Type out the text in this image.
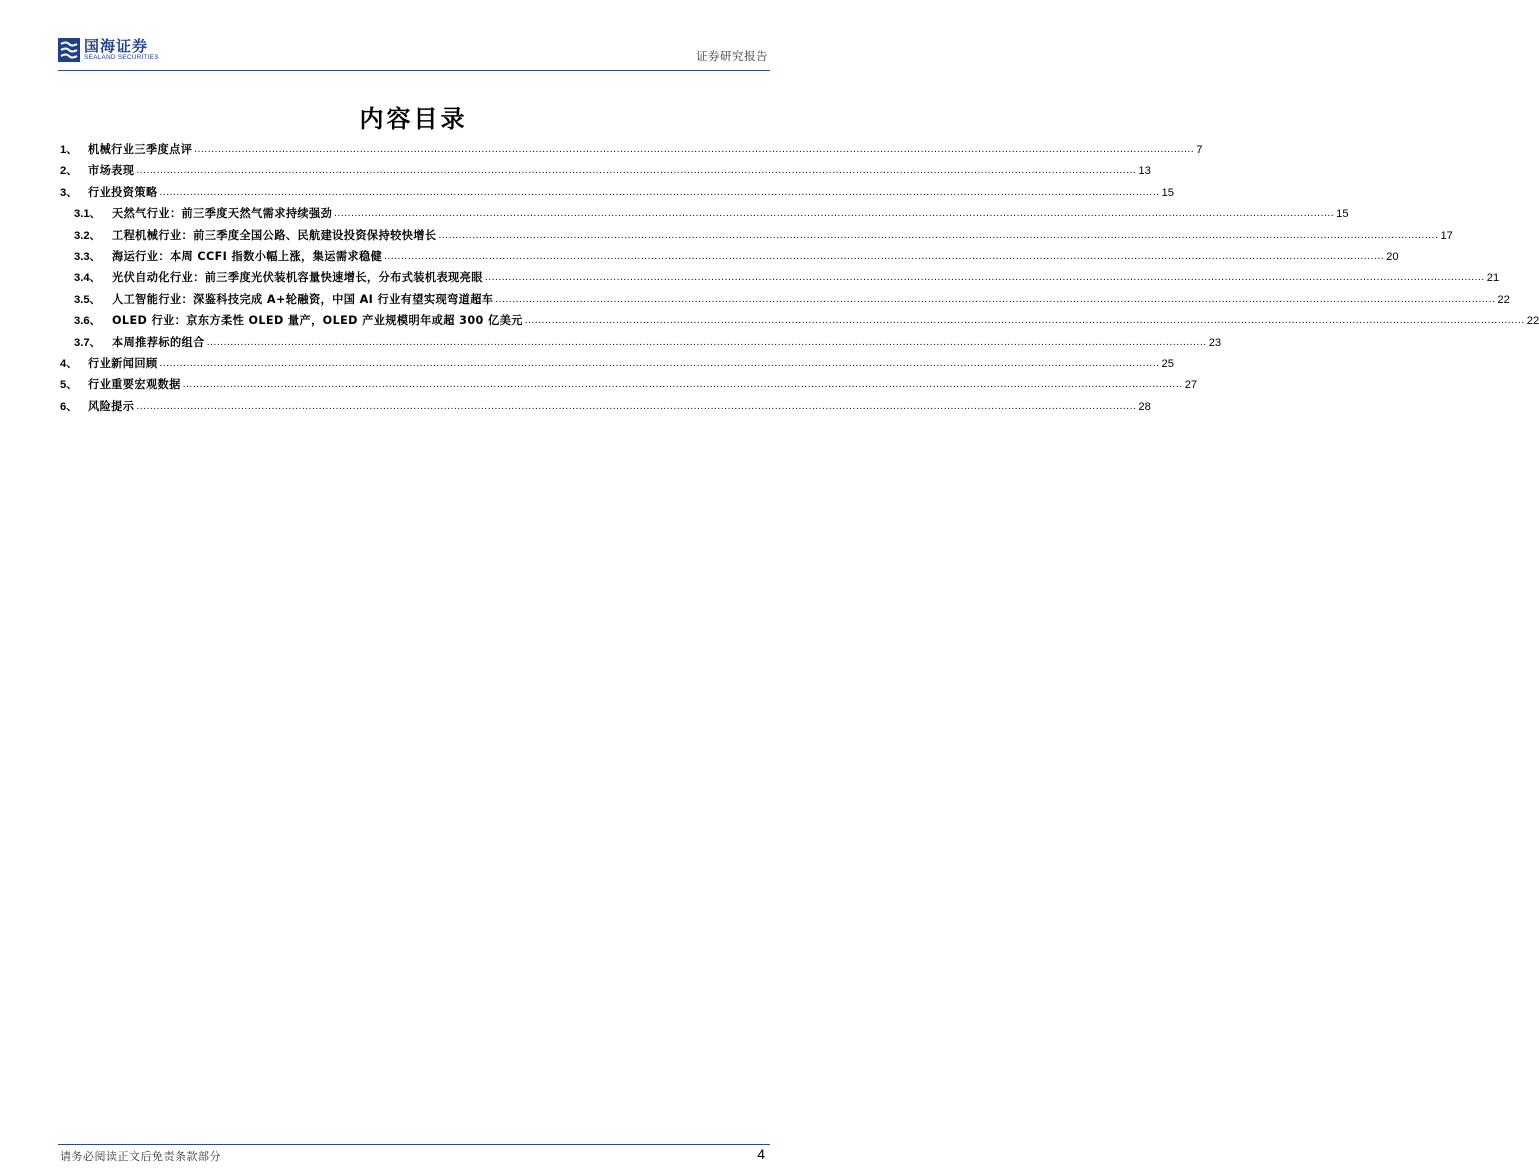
国海证券
SEALAND SECURITIES	证券研究报告
内容目录
1、 机械行业三季度点评 .....	7
2、 市场表现 .....	13
3、 行业投资策略 .....	15
3.1、	天然气行业：前三季度天然气需求持续强劲 .....	15
3.2、	工程机械行业：前三季度全国公路、民航建设投资保持较快增长 .....	17
3.3、	海运行业：本周 CCFI 指数小幅上涨，集运需求稳健 .....	20
3.4、	光伏自动化行业：前三季度光伏装机容量快速增长，分布式装机表现亮眼 .....	21
3.5、	人工智能行业：深鉴科技完成 A+轮融资，中国 AI 行业有望实现弯道超车 .....	22
3.6、	OLED 行业：京东方柔性 OLED 量产，OLED 产业规模明年或超 300 亿美元 .....	22
3.7、	本周推荐标的组合 .....	23
4、 行业新闻回顾 .....	25
5、 行业重要宏观数据 .....	27
6、 风险提示 .....	28
请务必阅读正文后免责条款部分	4
